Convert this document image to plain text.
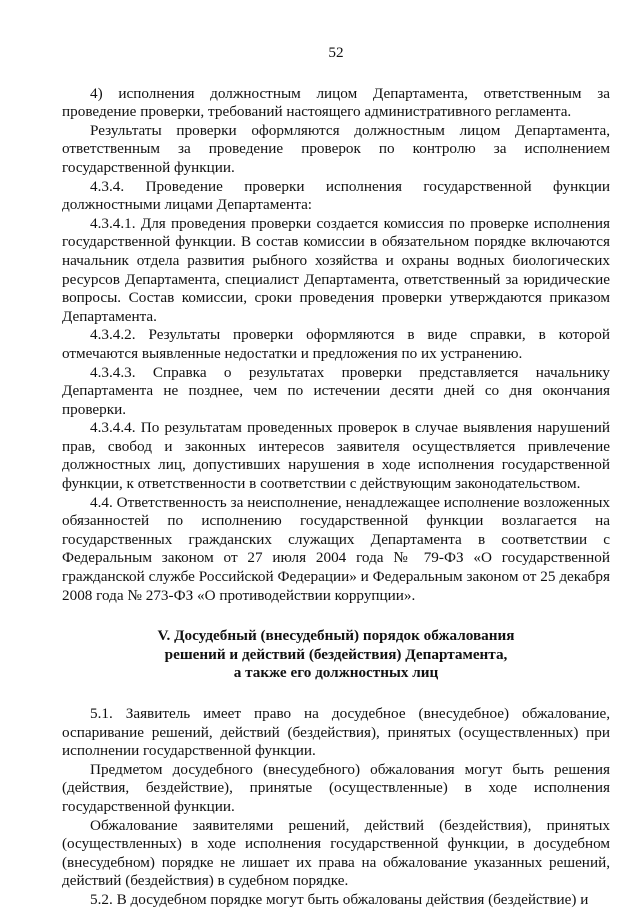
52

4) исполнения должностным лицом Департамента, ответственным за проведение проверки, требований настоящего административного регламента.

Результаты проверки оформляются должностным лицом Департамента, ответственным за проведение проверок по контролю за исполнением государственной функции.

4.3.4. Проведение проверки исполнения государственной функции должностными лицами Департамента:

4.3.4.1. Для проведения проверки создается комиссия по проверке исполнения государственной функции. В состав комиссии в обязательном порядке включаются начальник отдела развития рыбного хозяйства и охраны водных биологических ресурсов Департамента, специалист Департамента, ответственный за юридические вопросы. Состав комиссии, сроки проведения проверки утверждаются приказом Департамента.

4.3.4.2. Результаты проверки оформляются в виде справки, в которой отмечаются выявленные недостатки и предложения по их устранению.

4.3.4.3. Справка о результатах проверки представляется начальнику Департамента не позднее, чем по истечении десяти дней со дня окончания проверки.

4.3.4.4. По результатам проведенных проверок в случае выявления нарушений прав, свобод и законных интересов заявителя осуществляется привлечение должностных лиц, допустивших нарушения в ходе исполнения государственной функции, к ответственности в соответствии с действующим законодательством.

4.4. Ответственность за неисполнение, ненадлежащее исполнение возложенных обязанностей по исполнению государственной функции возлагается на государственных гражданских служащих Департамента в соответствии с Федеральным законом от 27 июля 2004 года № 79-ФЗ «О государственной гражданской службе Российской Федерации» и Федеральным законом от 25 декабря 2008 года № 273-ФЗ «О противодействии коррупции».

V. Досудебный (внесудебный) порядок обжалования
решений и действий (бездействия) Департамента,
а также его должностных лиц

5.1. Заявитель имеет право на досудебное (внесудебное) обжалование, оспаривание решений, действий (бездействия), принятых (осуществленных) при исполнении государственной функции.

Предметом досудебного (внесудебного) обжалования могут быть решения (действия, бездействие), принятые (осуществленные) в ходе исполнения государственной функции.

Обжалование заявителями решений, действий (бездействия), принятых (осуществленных) в ходе исполнения государственной функции, в досудебном (внесудебном) порядке не лишает их права на обжалование указанных решений, действий (бездействия) в судебном порядке.

5.2. В досудебном порядке могут быть обжалованы действия (бездействие) и
